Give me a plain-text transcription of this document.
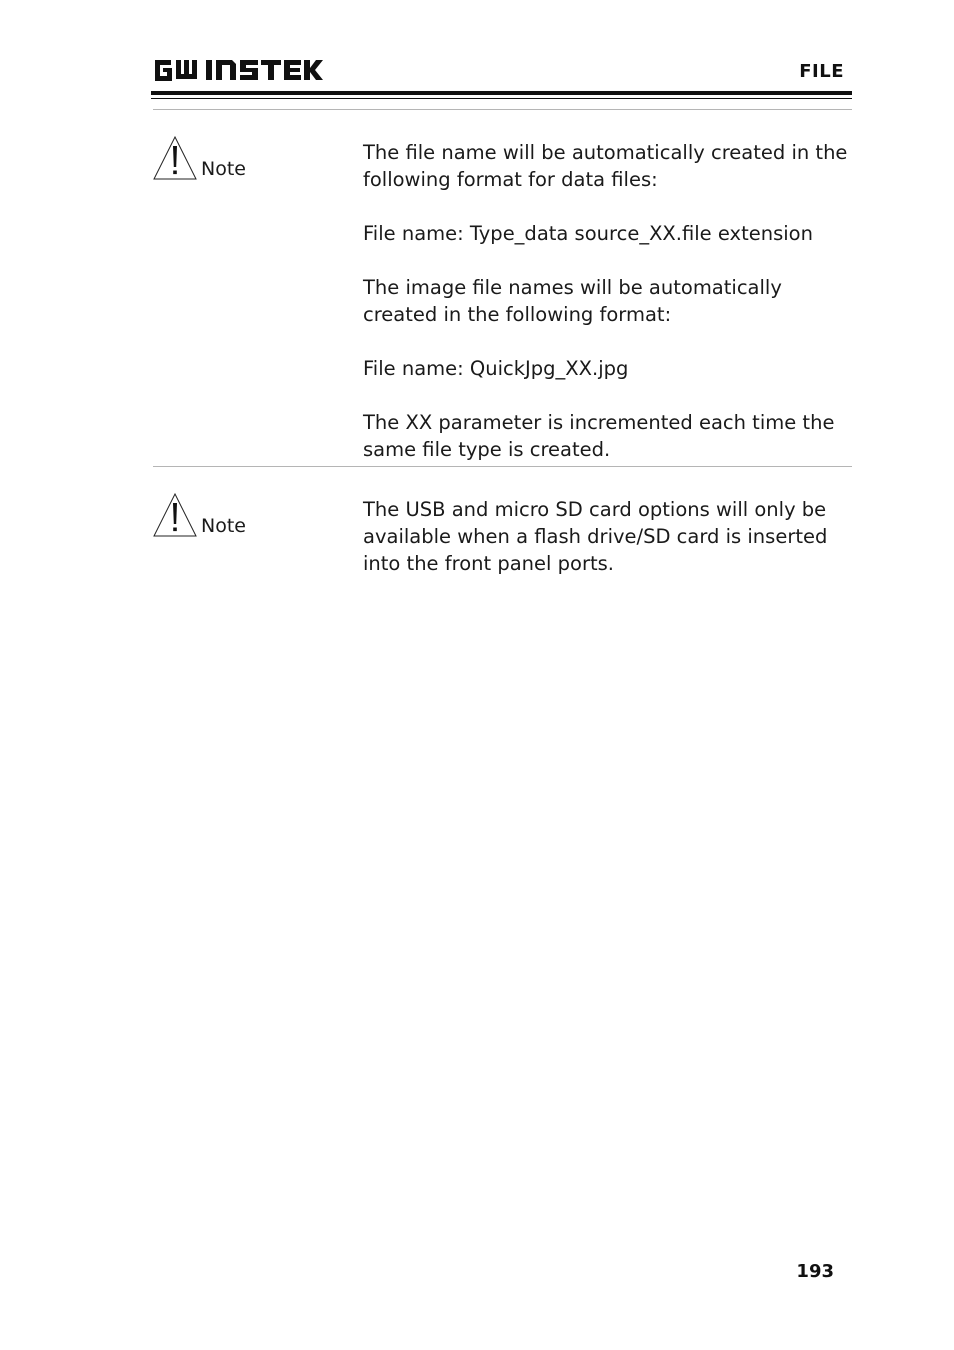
FILE
Note

The file name will be automatically created in the following format for data files:

File name: Type_data source_XX.file extension

The image file names will be automatically created in the following format:

File name: QuickJpg_XX.jpg

The XX parameter is incremented each time the same file type is created.

Note

The USB and micro SD card options will only be available when a flash drive/SD card is inserted into the front panel ports.

193
